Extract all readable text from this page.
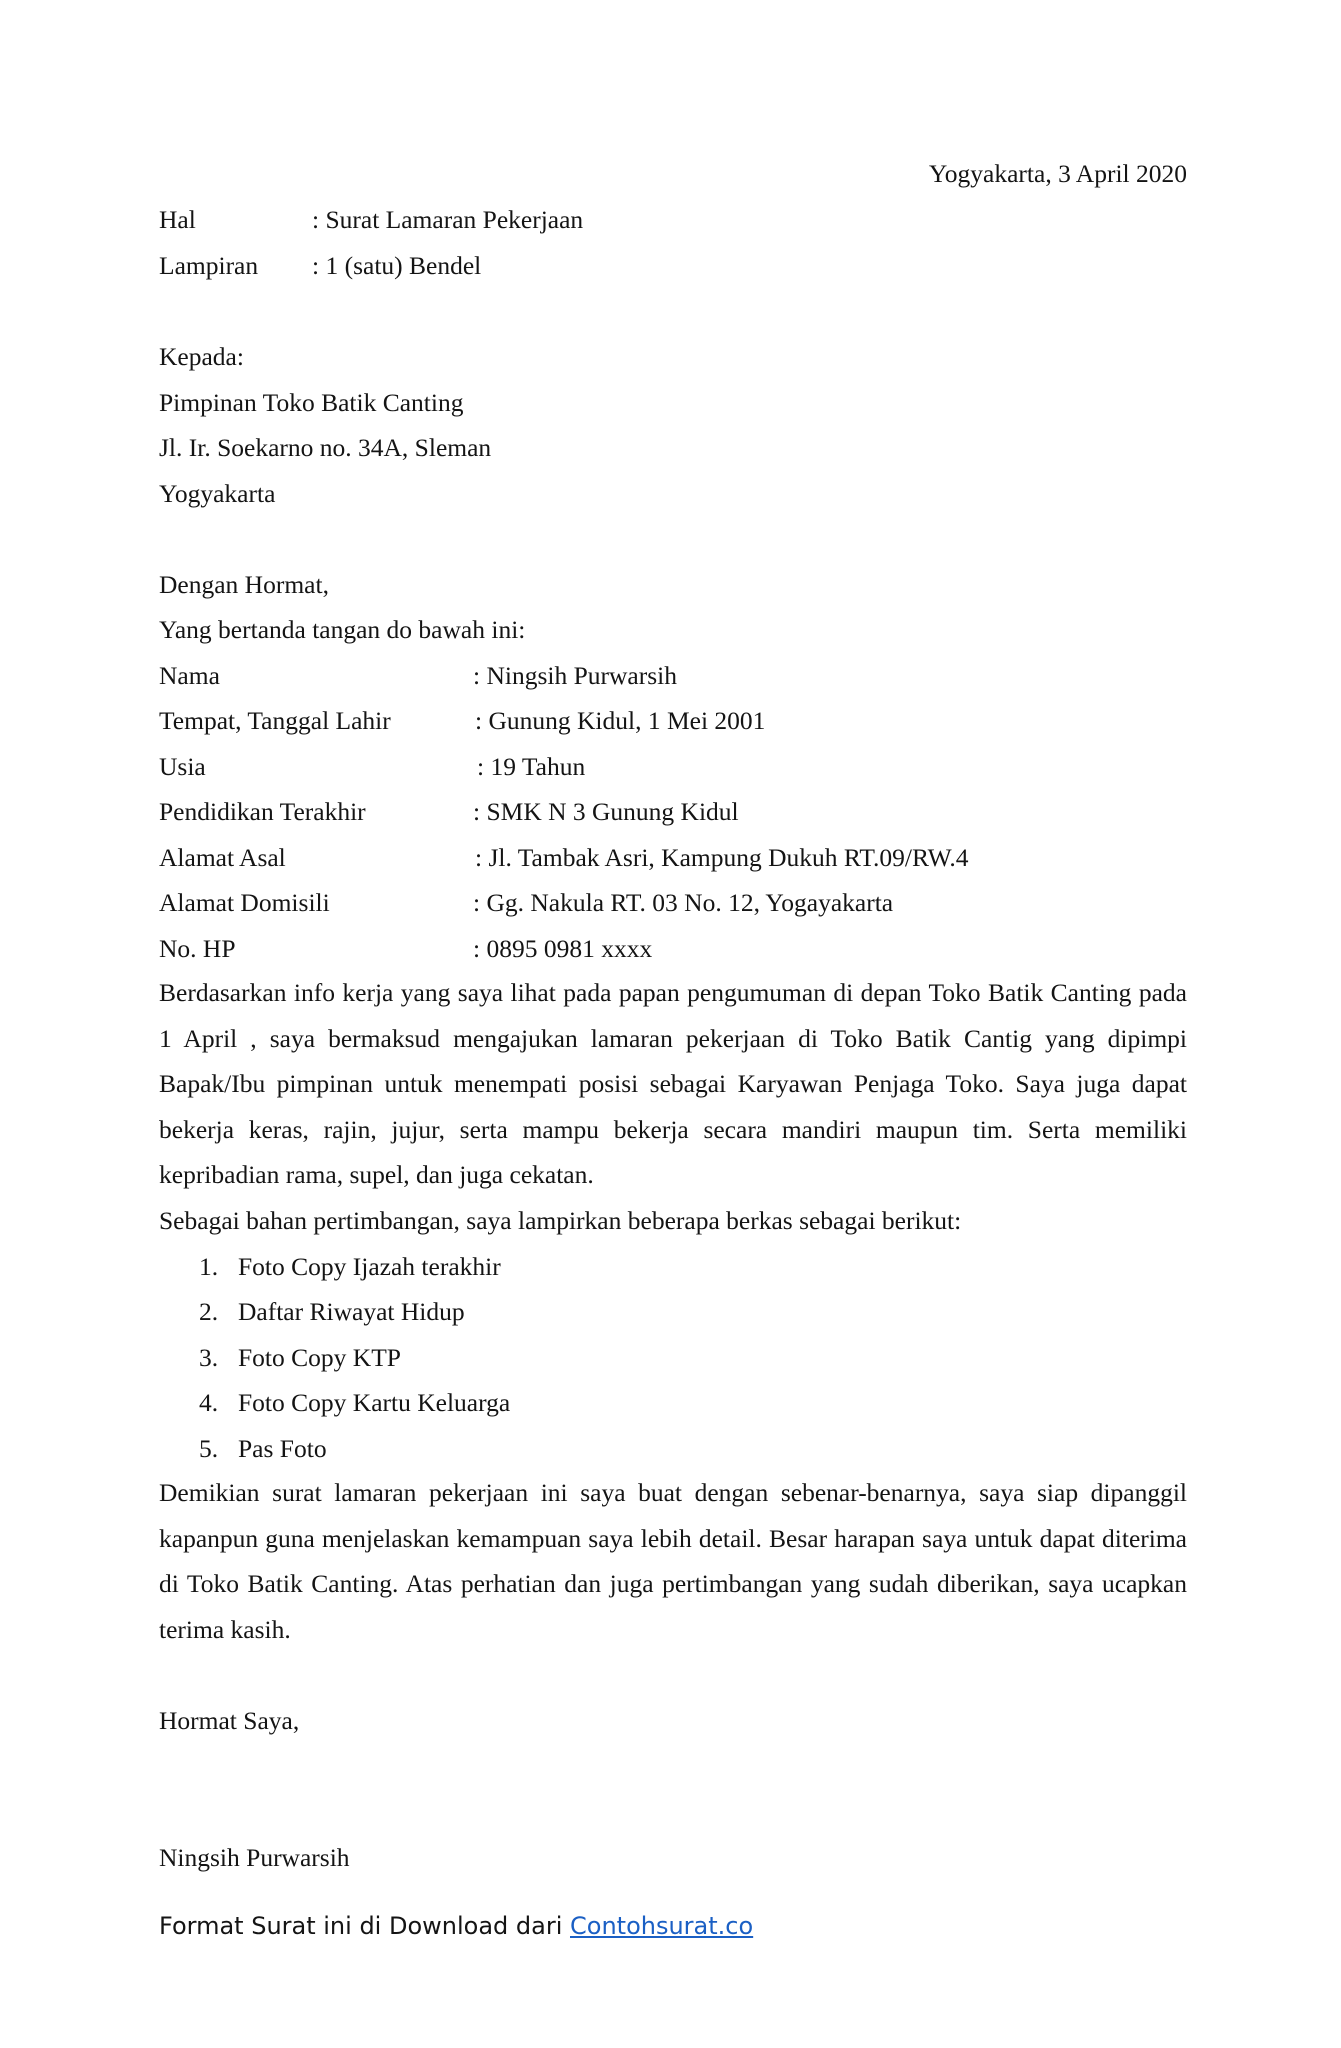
Yogyakarta, 3 April 2020
Hal	: Surat Lamaran Pekerjaan
Lampiran : 1 (satu) Bendel
Kepada:
Pimpinan Toko Batik Canting
Jl. Ir. Soekarno no. 34A, Sleman
Yogyakarta
Dengan Hormat,
Yang bertanda tangan do bawah ini:
Nama	: Ningsih Purwarsih
Tempat, Tanggal Lahir	: Gunung Kidul, 1 Mei 2001
Usia	: 19 Tahun
Pendidikan Terakhir	: SMK N 3 Gunung Kidul
Alamat Asal	: Jl. Tambak Asri, Kampung Dukuh RT.09/RW.4
Alamat Domisili	: Gg. Nakula RT. 03 No. 12, Yogayakarta
No. HP	: 0895 0981 xxxx

Berdasarkan info kerja yang saya lihat pada papan pengumuman di depan Toko Batik Canting pada 1 April , saya bermaksud mengajukan lamaran pekerjaan di Toko Batik Cantig yang dipimpi Bapak/Ibu pimpinan untuk menempati posisi sebagai Karyawan Penjaga Toko. Saya juga dapat bekerja keras, rajin, jujur, serta mampu bekerja secara mandiri maupun tim. Serta memiliki kepribadian rama, supel, dan juga cekatan.

Sebagai bahan pertimbangan, saya lampirkan beberapa berkas sebagai berikut:
1. Foto Copy Ijazah terakhir
2. Daftar Riwayat Hidup
3. Foto Copy KTP
4. Foto Copy Kartu Keluarga
5. Pas Foto

Demikian surat lamaran pekerjaan ini saya buat dengan sebenar-benarnya, saya siap dipanggil kapanpun guna menjelaskan kemampuan saya lebih detail. Besar harapan saya untuk dapat diterima di Toko Batik Canting. Atas perhatian dan juga pertimbangan yang sudah diberikan, saya ucapkan terima kasih.

Hormat Saya,
Ningsih Purwarsih
Format Surat ini di Download dari Contohsurat.co
